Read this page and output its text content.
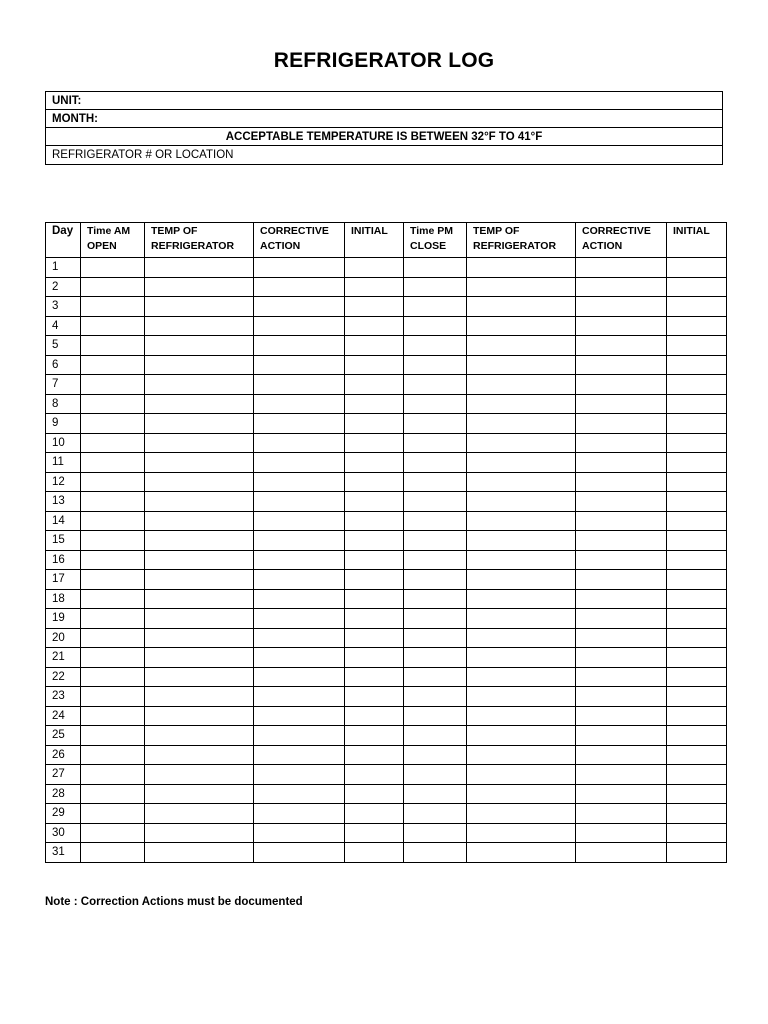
REFRIGERATOR LOG
UNIT:
MONTH:
ACCEPTABLE TEMPERATURE IS BETWEEN 32°F TO 41°F
REFRIGERATOR # OR LOCATION
Day	Time AM OPEN	TEMP OF REFRIGERATOR	CORRECTIVE ACTION	INITIAL	Time PM CLOSE	TEMP OF REFRIGERATOR	CORRECTIVE ACTION	INITIAL
1								
2								
3								
4								
5								
6								
7								
8								
9								
10								
11								
12								
13								
14								
15								
16								
17								
18								
19								
20								
21								
22								
23								
24								
25								
26								
27								
28								
29								
30								
31								
Note : Correction Actions must be documented
